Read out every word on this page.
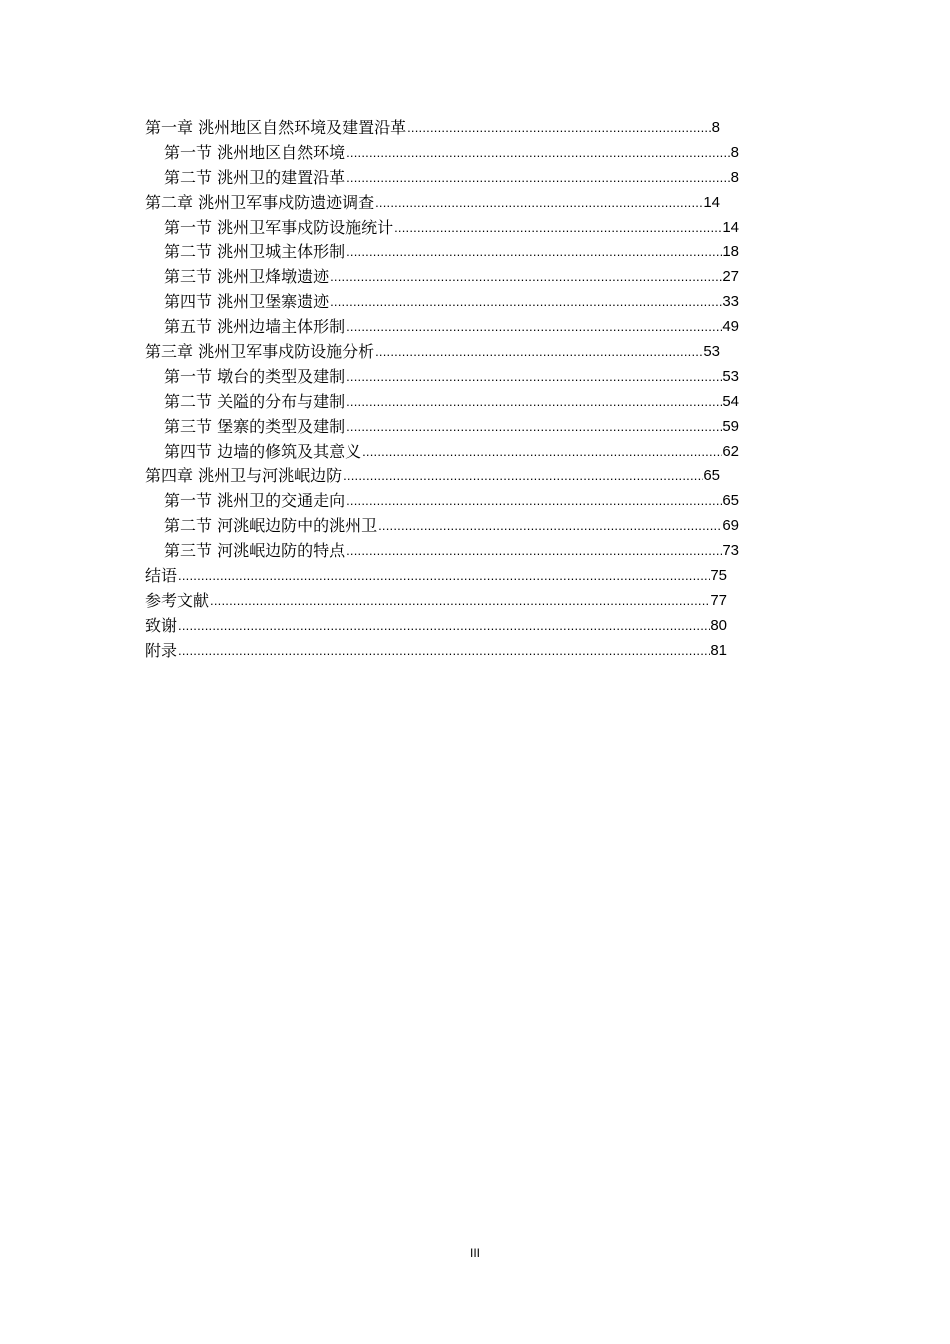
第一章 洮州地区自然环境及建置沿革 .....	8
第一节 洮州地区自然环境 .....	8
第二节 洮州卫的建置沿革 .....	8
第二章 洮州卫军事戍防遗迹调查 .....	14
第一节 洮州卫军事戍防设施统计 .....	14
第二节 洮州卫城主体形制 .....	18
第三节 洮州卫烽墩遗迹 .....	27
第四节 洮州卫堡寨遗迹 .....	33
第五节 洮州边墙主体形制 .....	49
第三章 洮州卫军事戍防设施分析 .....	53
第一节 墩台的类型及建制 .....	53
第二节 关隘的分布与建制 .....	54
第三节 堡寨的类型及建制 .....	59
第四节 边墙的修筑及其意义 .....	62
第四章 洮州卫与河洮岷边防 .....	65
第一节 洮州卫的交通走向 .....	65
第二节 河洮岷边防中的洮州卫 .....	69
第三节 河洮岷边防的特点 .....	73
结语 .....	75
参考文献 .....	77
致谢 .....	80
附录 .....	81
III
